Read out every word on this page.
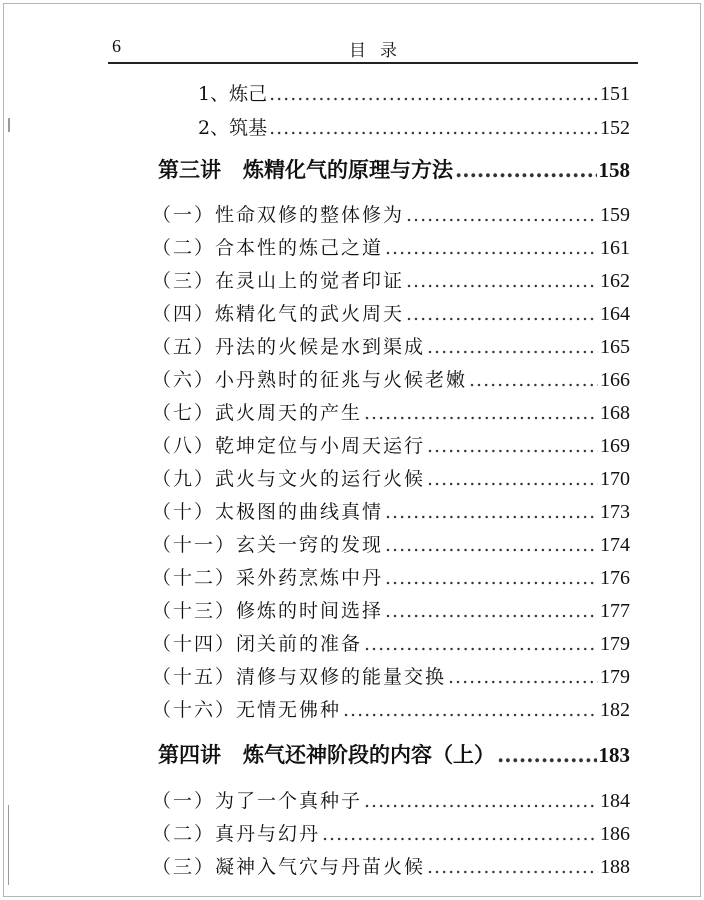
6	目录
1、炼己 .....	151
2、筑基 .....	152
第三讲 炼精化气的原理与方法 .....	158
（一）性命双修的整体修为 .....	159
（二）合本性的炼己之道 .....	161
（三）在灵山上的觉者印证 .....	162
（四）炼精化气的武火周天 .....	164
（五）丹法的火候是水到渠成 .....	165
（六）小丹熟时的征兆与火候老嫩 .....	166
（七）武火周天的产生 .....	168
（八）乾坤定位与小周天运行 .....	169
（九）武火与文火的运行火候 .....	170
（十）太极图的曲线真情 .....	173
（十一）玄关一窍的发现 .....	174
（十二）采外药烹炼中丹 .....	176
（十三）修炼的时间选择 .....	177
（十四）闭关前的准备 .....	179
（十五）清修与双修的能量交换 .....	179
（十六）无情无佛种 .....	182
第四讲 炼气还神阶段的内容（上） .....	183
（一）为了一个真种子 .....	184
（二）真丹与幻丹 .....	186
（三）凝神入气穴与丹苗火候 .....	188
